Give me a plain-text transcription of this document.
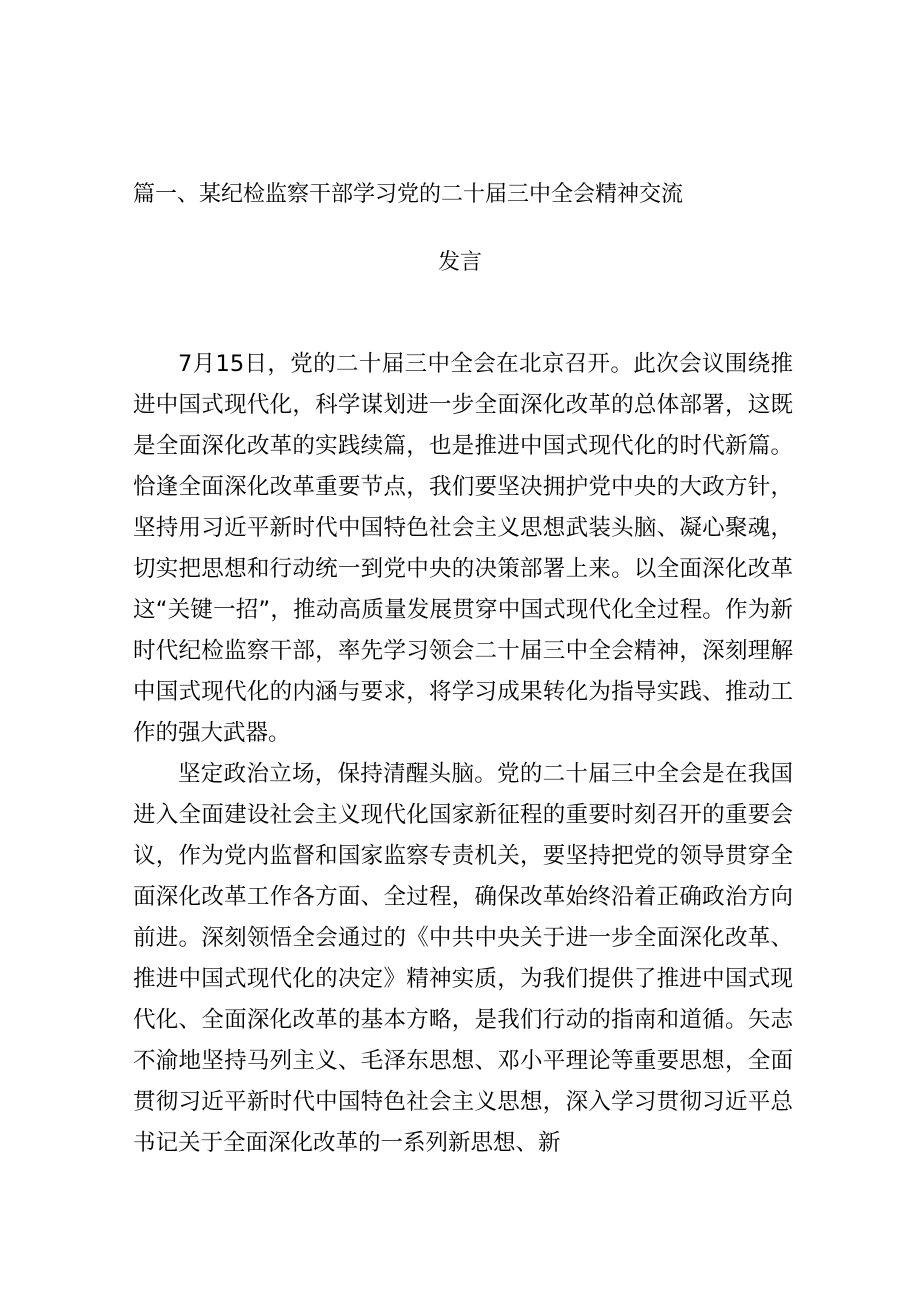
篇一、某纪检监察干部学习党的二十届三中全会精神交流
发言

7月15日，党的二十届三中全会在北京召开。此次会议围绕推进中国式现代化，科学谋划进一步全面深化改革的总体部署，这既是全面深化改革的实践续篇，也是推进中国式现代化的时代新篇。恰逢全面深化改革重要节点，我们要坚决拥护党中央的大政方针，坚持用习近平新时代中国特色社会主义思想武装头脑、凝心聚魂，切实把思想和行动统一到党中央的决策部署上来。以全面深化改革这“关键一招”，推动高质量发展贯穿中国式现代化全过程。作为新时代纪检监察干部，率先学习领会二十届三中全会精神，深刻理解中国式现代化的内涵与要求，将学习成果转化为指导实践、推动工作的强大武器。

坚定政治立场，保持清醒头脑。党的二十届三中全会是在我国进入全面建设社会主义现代化国家新征程的重要时刻召开的重要会议，作为党内监督和国家监察专责机关，要坚持把党的领导贯穿全面深化改革工作各方面、全过程，确保改革始终沿着正确政治方向前进。深刻领悟全会通过的《中共中央关于进一步全面深化改革、推进中国式现代化的决定》精神实质，为我们提供了推进中国式现代化、全面深化改革的基本方略，是我们行动的指南和道循。矢志不渝地坚持马列主义、毛泽东思想、邓小平理论等重要思想，全面贯彻习近平新时代中国特色社会主义思想，深入学习贯彻习近平总书记关于全面深化改革的一系列新思想、新
